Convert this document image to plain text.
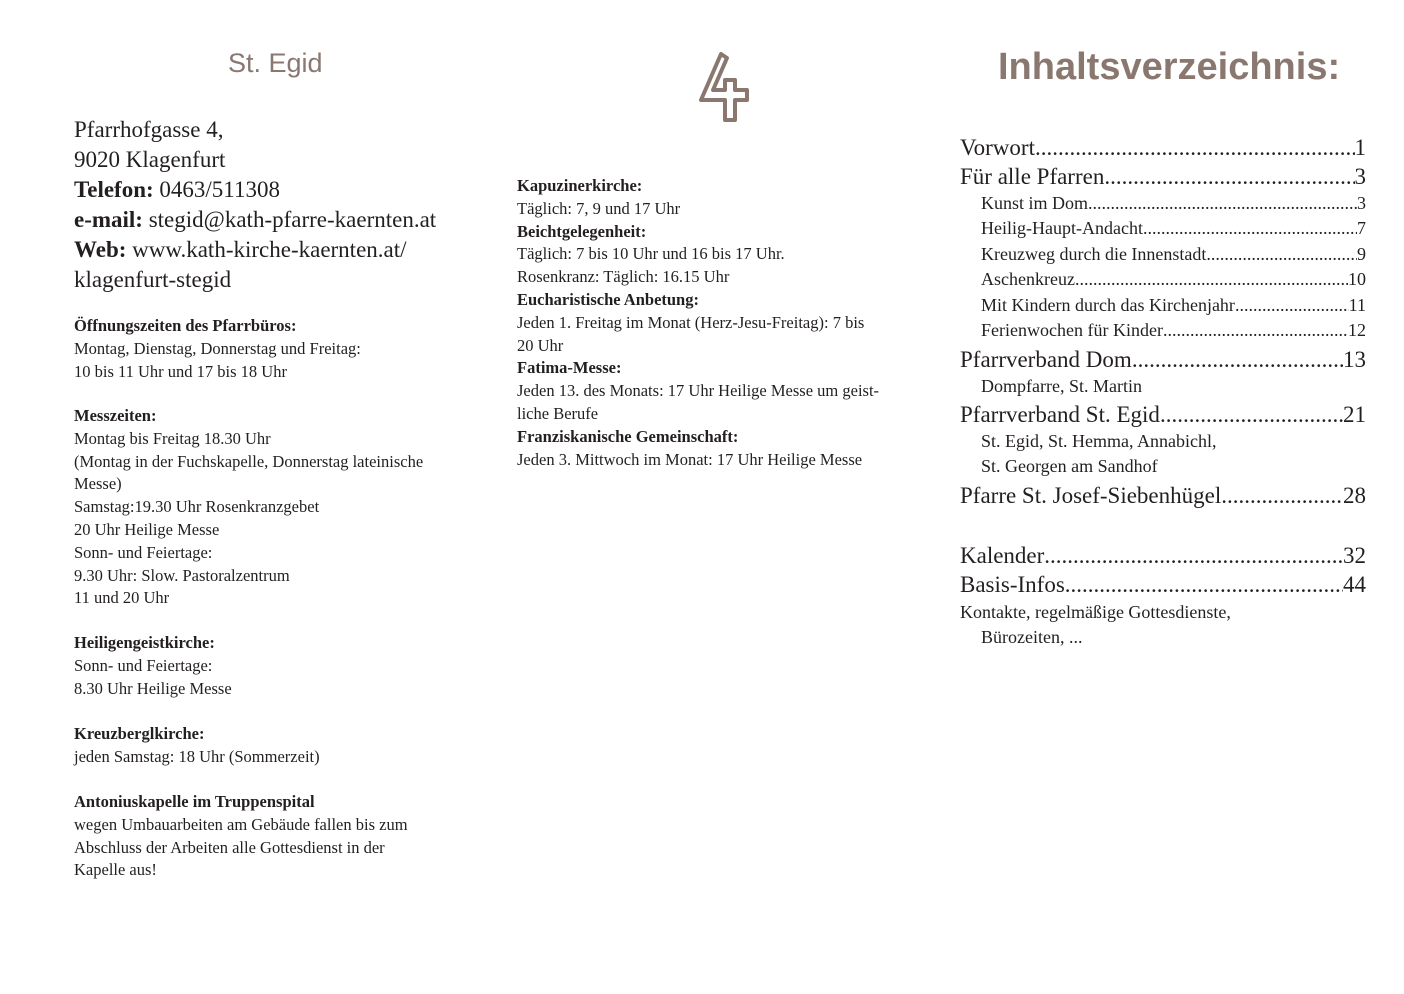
St. Egid	Inhaltsverzeichnis:
Pfarrhofgasse 4,
9020 Klagenfurt
Telefon: 0463/511308
e-mail: stegid@kath-pfarre-kaernten.at
Web: www.kath-kirche-kaernten.at/
klagenfurt-stegid
Öffnungszeiten des Pfarrbüros:
Montag, Dienstag, Donnerstag und Freitag:
10 bis 11 Uhr und 17 bis 18 Uhr
Messzeiten:
Montag bis Freitag 18.30 Uhr
(Montag in der Fuchskapelle, Donnerstag lateinische
Messe)
Samstag:19.30 Uhr Rosenkranzgebet
20 Uhr Heilige Messe
Sonn- und Feiertage:
9.30 Uhr: Slow. Pastoralzentrum
11 und 20 Uhr
Heiligengeistkirche:
Sonn- und Feiertage:
8.30 Uhr Heilige Messe
Kreuzberglkirche:
jeden Samstag: 18 Uhr (Sommerzeit)
Antoniuskapelle im Truppenspital
wegen Umbauarbeiten am Gebäude fallen bis zum
Abschluss der Arbeiten alle Gottesdienst in der
Kapelle aus!
Kapuzinerkirche:
Täglich: 7, 9 und 17 Uhr
Beichtgelegenheit:
Täglich: 7 bis 10 Uhr und 16 bis 17 Uhr.
Rosenkranz: Täglich: 16.15 Uhr
Eucharistische Anbetung:
Jeden 1. Freitag im Monat (Herz-Jesu-Freitag): 7 bis
20 Uhr
Fatima-Messe:
Jeden 13. des Monats: 17 Uhr Heilige Messe um geist-
liche Berufe
Franziskanische Gemeinschaft:
Jeden 3. Mittwoch im Monat: 17 Uhr Heilige Messe
Vorwort .....	1
Für alle Pfarren .....	3
Kunst im Dom .....	3
Heilig-Haupt-Andacht .....	7
Kreuzweg durch die Innenstadt .....	9
Aschenkreuz .....	10
Mit Kindern durch das Kirchenjahr .....	11
Ferienwochen für Kinder .....	12
Pfarrverband Dom .....	13
Dompfarre, St. Martin
Pfarrverband St. Egid .....	21
St. Egid, St. Hemma, Annabichl,
St. Georgen am Sandhof
Pfarre St. Josef-Siebenhügel .....	28
Kalender .....	32
Basis-Infos .....	44
Kontakte, regelmäßige Gottesdienste,
Bürozeiten, ...
